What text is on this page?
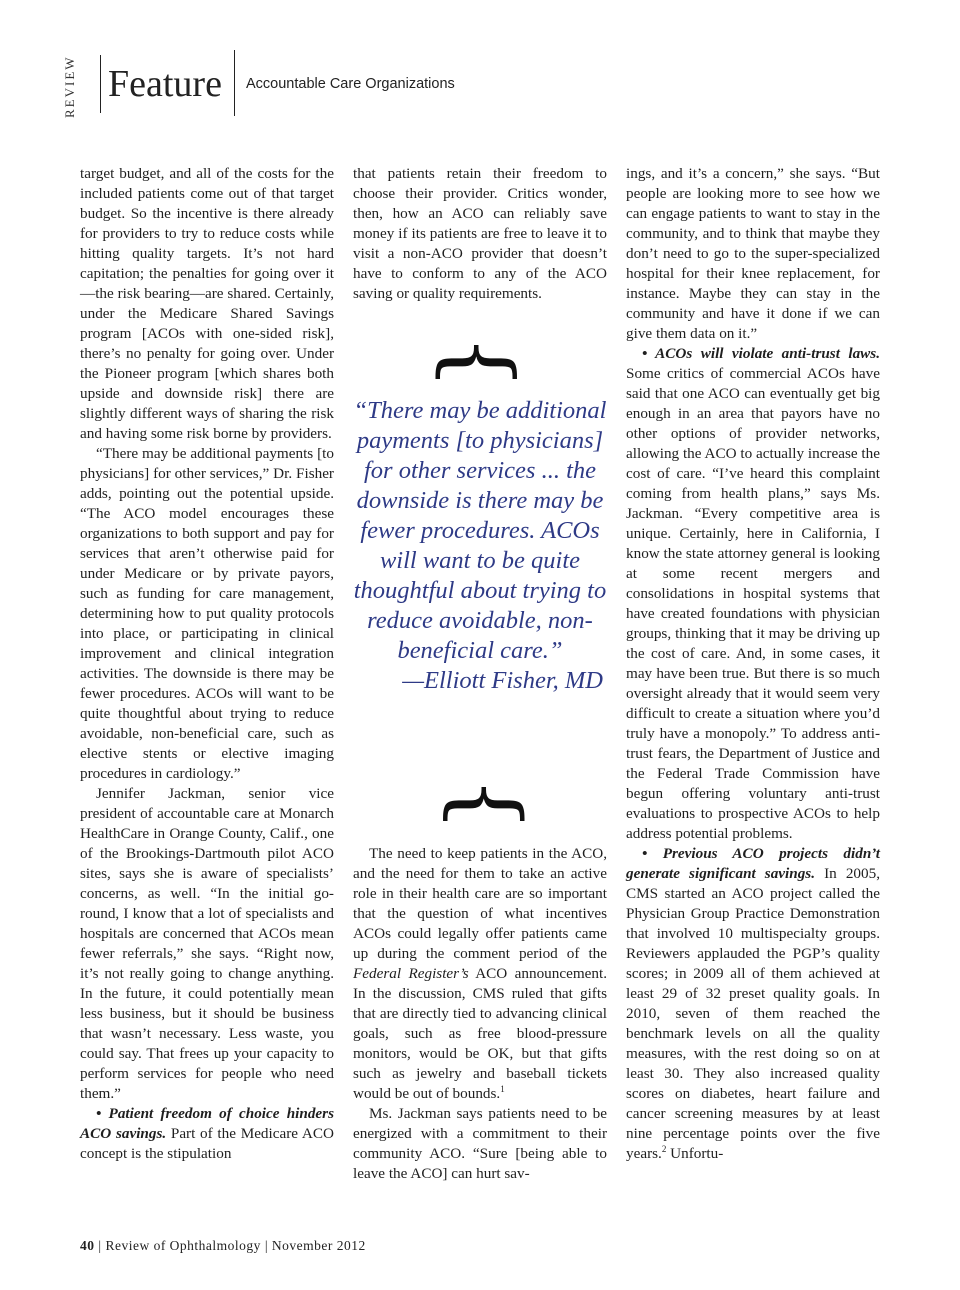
REVIEW Feature Accountable Care Organizations

target budget, and all of the costs for the included patients come out of that target budget. So the incentive is there already for providers to try to reduce costs while hitting quality targets. It’s not hard capitation; the penalties for going over it—the risk bearing—are shared. Certainly, under the Medicare Shared Savings program [ACOs with one-sided risk], there’s no penalty for going over. Under the Pioneer program [which shares both upside and downside risk] there are slightly different ways of sharing the risk and having some risk borne by providers.

“There may be additional payments [to physicians] for other services,” Dr. Fisher adds, pointing out the potential upside. “The ACO model encourages these organizations to both support and pay for services that aren’t otherwise paid for under Medicare or by private payors, such as funding for care management, determining how to put quality protocols into place, or participating in clinical improvement and clinical integration activities. The downside is there may be fewer procedures. ACOs will want to be quite thoughtful about trying to reduce avoidable, non-beneficial care, such as elective stents or elective imaging procedures in cardiology.”

Jennifer Jackman, senior vice president of accountable care at Monarch HealthCare in Orange County, Calif., one of the Brookings-Dartmouth pilot ACO sites, says she is aware of specialists’ concerns, as well. “In the initial go-round, I know that a lot of specialists and hospitals are concerned that ACOs mean fewer referrals,” she says. “Right now, it’s not really going to change anything. In the future, it could potentially mean less business, but it should be business that wasn’t necessary. Less waste, you could say. That frees up your capacity to perform services for people who need them.”

• Patient freedom of choice hinders ACO savings. Part of the Medicare ACO concept is the stipulation

that patients retain their freedom to choose their provider. Critics wonder, then, how an ACO can reliably save money if its patients are free to leave it to visit a non-ACO provider that doesn’t have to conform to any of the ACO saving or quality requirements.

{
“There may be additional payments [to physicians] for other services ... the downside is there may be fewer procedures. ACOs will want to be quite thoughtful about trying to reduce avoidable, non-beneficial care.”
—Elliott Fisher, MD
}

The need to keep patients in the ACO, and the need for them to take an active role in their health care are so important that the question of what incentives ACOs could legally offer patients came up during the comment period of the Federal Register’s ACO announcement. In the discussion, CMS ruled that gifts that are directly tied to advancing clinical goals, such as free blood-pressure monitors, would be OK, but that gifts such as jewelry and baseball tickets would be out of bounds.$^1$

Ms. Jackman says patients need to be energized with a commitment to their community ACO. “Sure [being able to leave the ACO] can hurt sav-

ings, and it’s a concern,” she says. “But people are looking more to see how we can engage patients to want to stay in the community, and to think that maybe they don’t need to go to the super-specialized hospital for their knee replacement, for instance. Maybe they can stay in the community and have it done if we can give them data on it.”

• ACOs will violate anti-trust laws. Some critics of commercial ACOs have said that one ACO can eventually get big enough in an area that payors have no other options of provider networks, allowing the ACO to actually increase the cost of care. “I’ve heard this complaint coming from health plans,” says Ms. Jackman. “Every competitive area is unique. Certainly, here in California, I know the state attorney general is looking at some recent mergers and consolidations in hospital systems that have created foundations with physician groups, thinking that it may be driving up the cost of care. And, in some cases, it may have been true. But there is so much oversight already that it would seem very difficult to create a situation where you’d truly have a monopoly.” To address anti-trust fears, the Department of Justice and the Federal Trade Commission have begun offering voluntary anti-trust evaluations to prospective ACOs to help address potential problems.

• Previous ACO projects didn’t generate significant savings. In 2005, CMS started an ACO project called the Physician Group Practice Demonstration that involved 10 multispecialty groups. Reviewers applauded the PGP’s quality scores; in 2009 all of them achieved at least 29 of 32 preset quality goals. In 2010, seven of them reached the benchmark levels on all the quality measures, with the rest doing so on at least 30. They also increased quality scores on diabetes, heart failure and cancer screening measures by at least nine percentage points over the five years.$^2$ Unfortu-

40 | Review of Ophthalmology | November 2012
